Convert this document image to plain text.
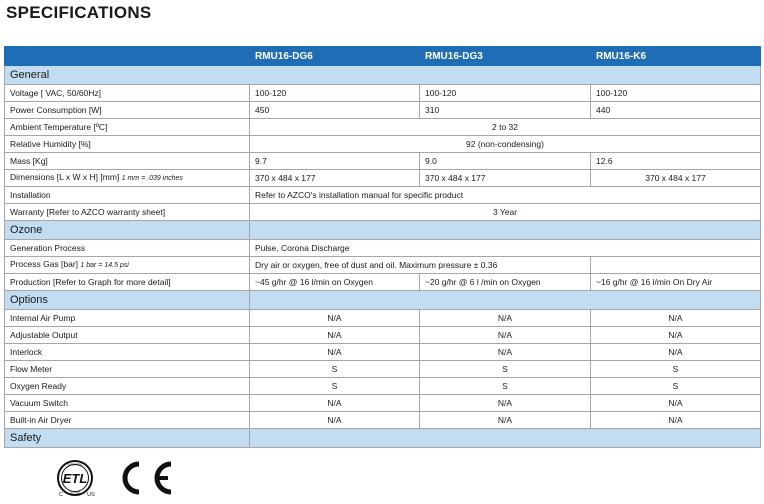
SPECIFICATIONS
	RMU16-DG6	RMU16-DG3	RMU16-K6
General			
Voltage [ VAC, 50/60Hz]	100-120	100-120	100-120
Power Consumption [W]	450	310	440
Ambient Temperature [ºC]	2 to 32		
Relative Humidity [%]	92 (non-condensing)		
Mass [Kg]	9.7	9.0	12.6
Dimensions [L x W x H] [mm] 1 mm = .039 inches	370 x 484 x 177	370 x 484 x 177	370 x 484 x 177
Installation	Refer to AZCO's installation manual for specific product		
Warranty [Refer to AZCO warranty sheet]	3 Year		
Ozone			
Generation Process	Pulse, Corona Discharge		
Process Gas [bar] 1 bar = 14.5 psi	Dry air or oxygen, free of dust and oil. Maximum pressure ± 0.36		
Production [Refer to Graph for more detail]	~45 g/hr @ 16 l/min on Oxygen	~20 g/hr @ 6 l /min on Oxygen	~16 g/hr @ 16 l/min On Dry Air
Options			
Internal Air Pump	N/A	N/A	N/A
Adjustable Output	N/A	N/A	N/A
Interlock	N/A	N/A	N/A
Flow Meter	S	S	S
Oxygen Ready	S	S	S
Vacuum Switch	N/A	N/A	N/A
Built-in Air Dryer	N/A	N/A	N/A
Safety			
ETL
C	US
INTERTEK
LISTED
